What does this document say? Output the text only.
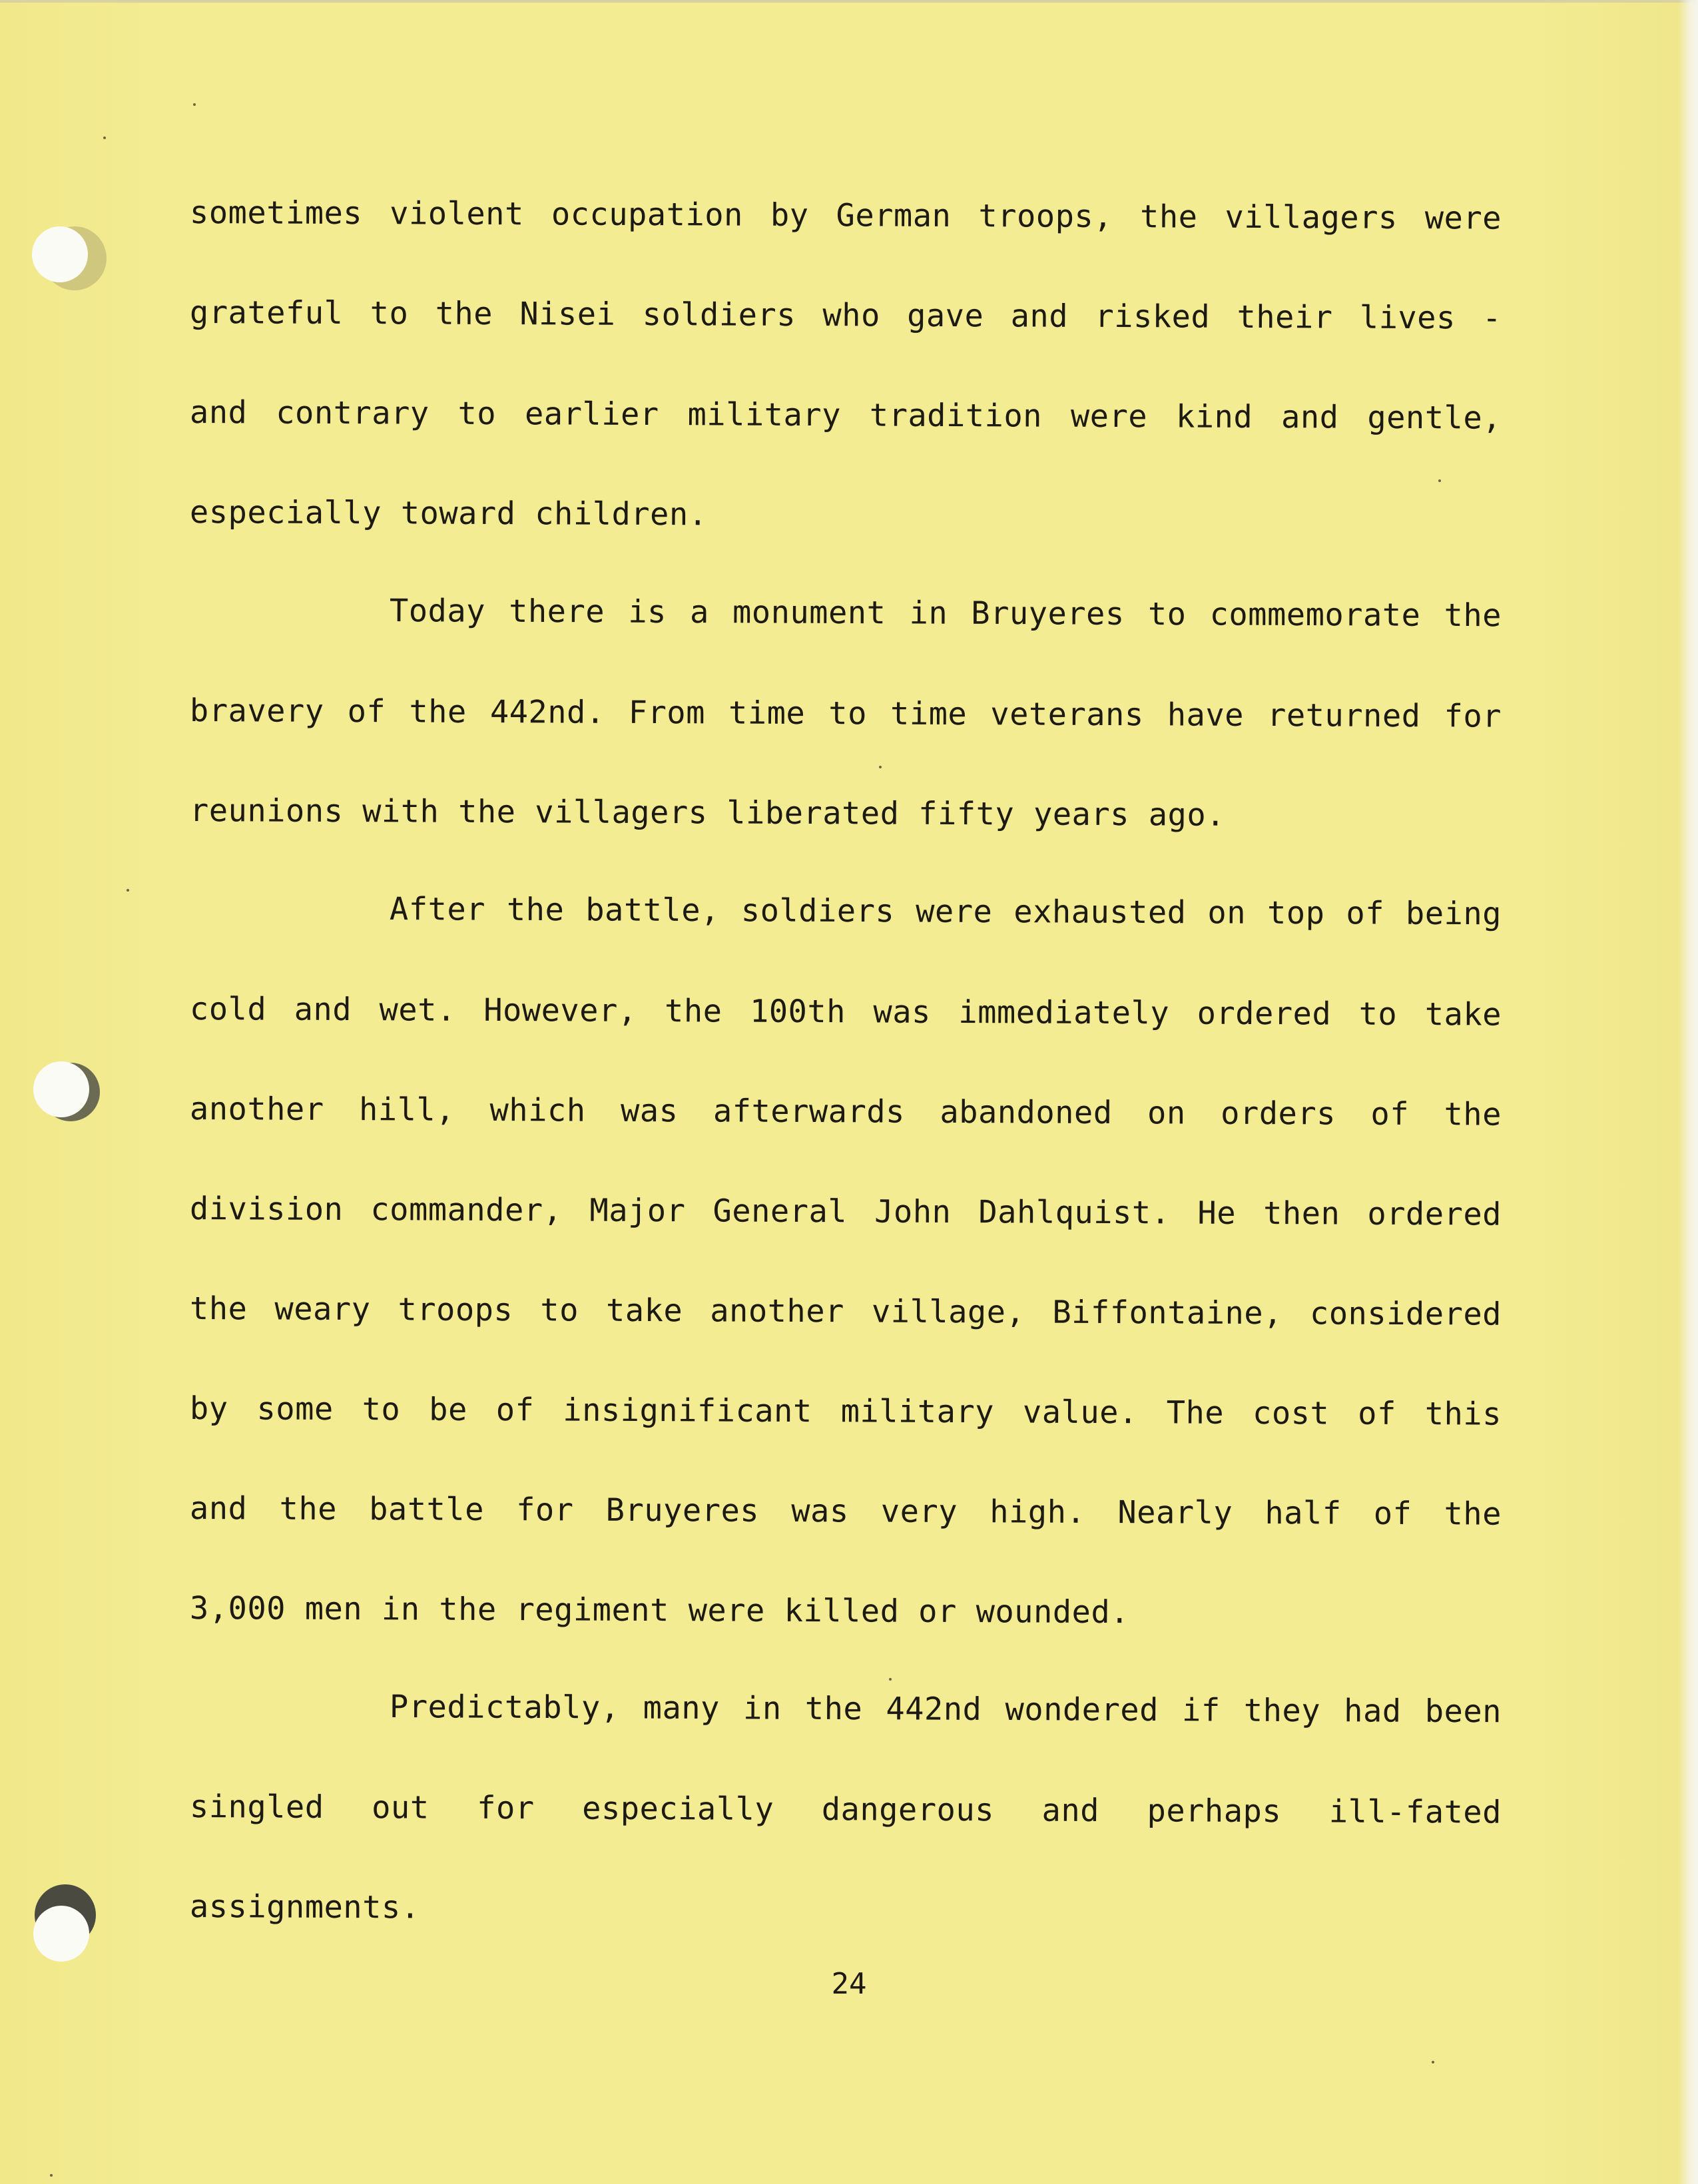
sometimes violent occupation by German troops, the villagers were
grateful to the Nisei soldiers who gave and risked their lives -
and contrary to earlier military tradition were kind and gentle,
especially toward children.
Today there is a monument in Bruyeres to commemorate the
bravery of the 442nd. From time to time veterans have returned for
reunions with the villagers liberated fifty years ago.
After the battle, soldiers were exhausted on top of being
cold and wet. However, the 100th was immediately ordered to take
another hill, which was afterwards abandoned on orders of the
division commander, Major General John Dahlquist. He then ordered
the weary troops to take another village, Biffontaine, considered
by some to be of insignificant military value. The cost of this
and the battle for Bruyeres was very high. Nearly half of the
3,000 men in the regiment were killed or wounded.
Predictably, many in the 442nd wondered if they had been
singled out for especially dangerous and perhaps ill-fated
assignments.
24
